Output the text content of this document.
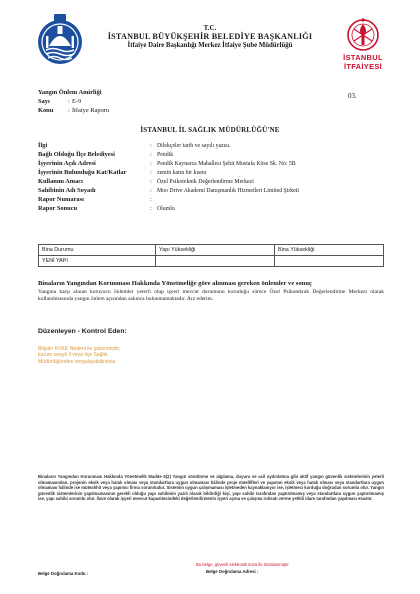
T.C.
İSTANBUL BÜYÜKŞEHİR BELEDİYE BAŞKANLIĞI
İtfaiye Daire Başkanlığı Merkez İtfaiye Şube Müdürlüğü
İSTANBUL
İTFAİYESİ
Yangın Önlem Amirliği
Sayı	: E-9
Konu : İtfaiye Raporu
03.
İSTANBUL İL SAĞLIK MÜDÜRLÜĞÜ'NE
İlgi	: Dilekçeler tarih ve sayılı yazısı.
Bağlı Olduğu İlçe Belediyesi	: Pendik
İşyerinin Açık Adresi	: Pendik Kaynarca Mahallesi Şehit Mustafa Köse Sk. No: 5B
İşyerinin Bulunduğu Kat/Katlar	: zemin katın bir kısmı
Kullanım Amacı	: Özel Psikoteknik Değerlendirme Merkezi
Sahibinin Adı Soyadı	: Moo Drive Akademi Danışmanlık Hizmetleri Limited Şirketi
Rapor Numarası	:
Rapor Sonucu	: Olumlu
Bina Durumu	Yapı Yüksekliği	Bina Yüksekliği
YENİ YAPI		
Binaların Yangından Korunması Hakkında Yönetmeliğe göre alınması gereken önlemler ve sonuç
Yangına karşı alınan koruyucu önlemler yeterli olup işyeri mevcut durumunu koruduğu sürece Özel Psikoteknik Değerlendirme Merkezi olarak kullanılmasında yangın önlem açısından sakınca bulunmamaktadır. Arz ederim.
Düzenleyen - Kontrol Eden:
Bilgiler KVKK Nedeni ile gizlenmiştir, kurum onaylı il veya ilçe Sağlık Müdürlüğünden sorgulayabilirsiniz.
Binaların Yangından Korunması Hakkında Yönetmelik Madde 6(2) Yangın söndürme ve algılama, duyuru ve acil aydınlatma gibi aktif yangın güvenlik sistemlerinin yeterli olmamasından, projenin eksik veya hatalı olması veya standartlara uygun olmaması hâlinde proje müellifleri ve yapımın eksik veya hatalı olması veya standartlara uygun olmaması hâlinde ise müteahhit veya yapımcı firma sorumludur. Sistemin uygun çalışmaması işletmeden kaynaklanıyor ise, işletmeci kurduğu doğrudan sorumlu olur. Yangın güvenlik sistemlerinin yapılmamasının gerekli olduğu yapı sahibinin yazılı olarak bildirdiği kişi, yapı sahibi tarafından yaptırılmamış veya standartlara uygun yaptırılmamış ise, yapı sahibi sorumlu olur. İlave olarak işyeri mevcut kapasitesindeki değerlendirmenin işyeri açma ve çalışma ruhsatı verme yetkili idare tarafından yapılması esastır.
Bu belge, güvenli elektronik imza ile imzalanmıştır.
Belge Doğrulama Kodu :	Belge Doğrulama Adresi :
